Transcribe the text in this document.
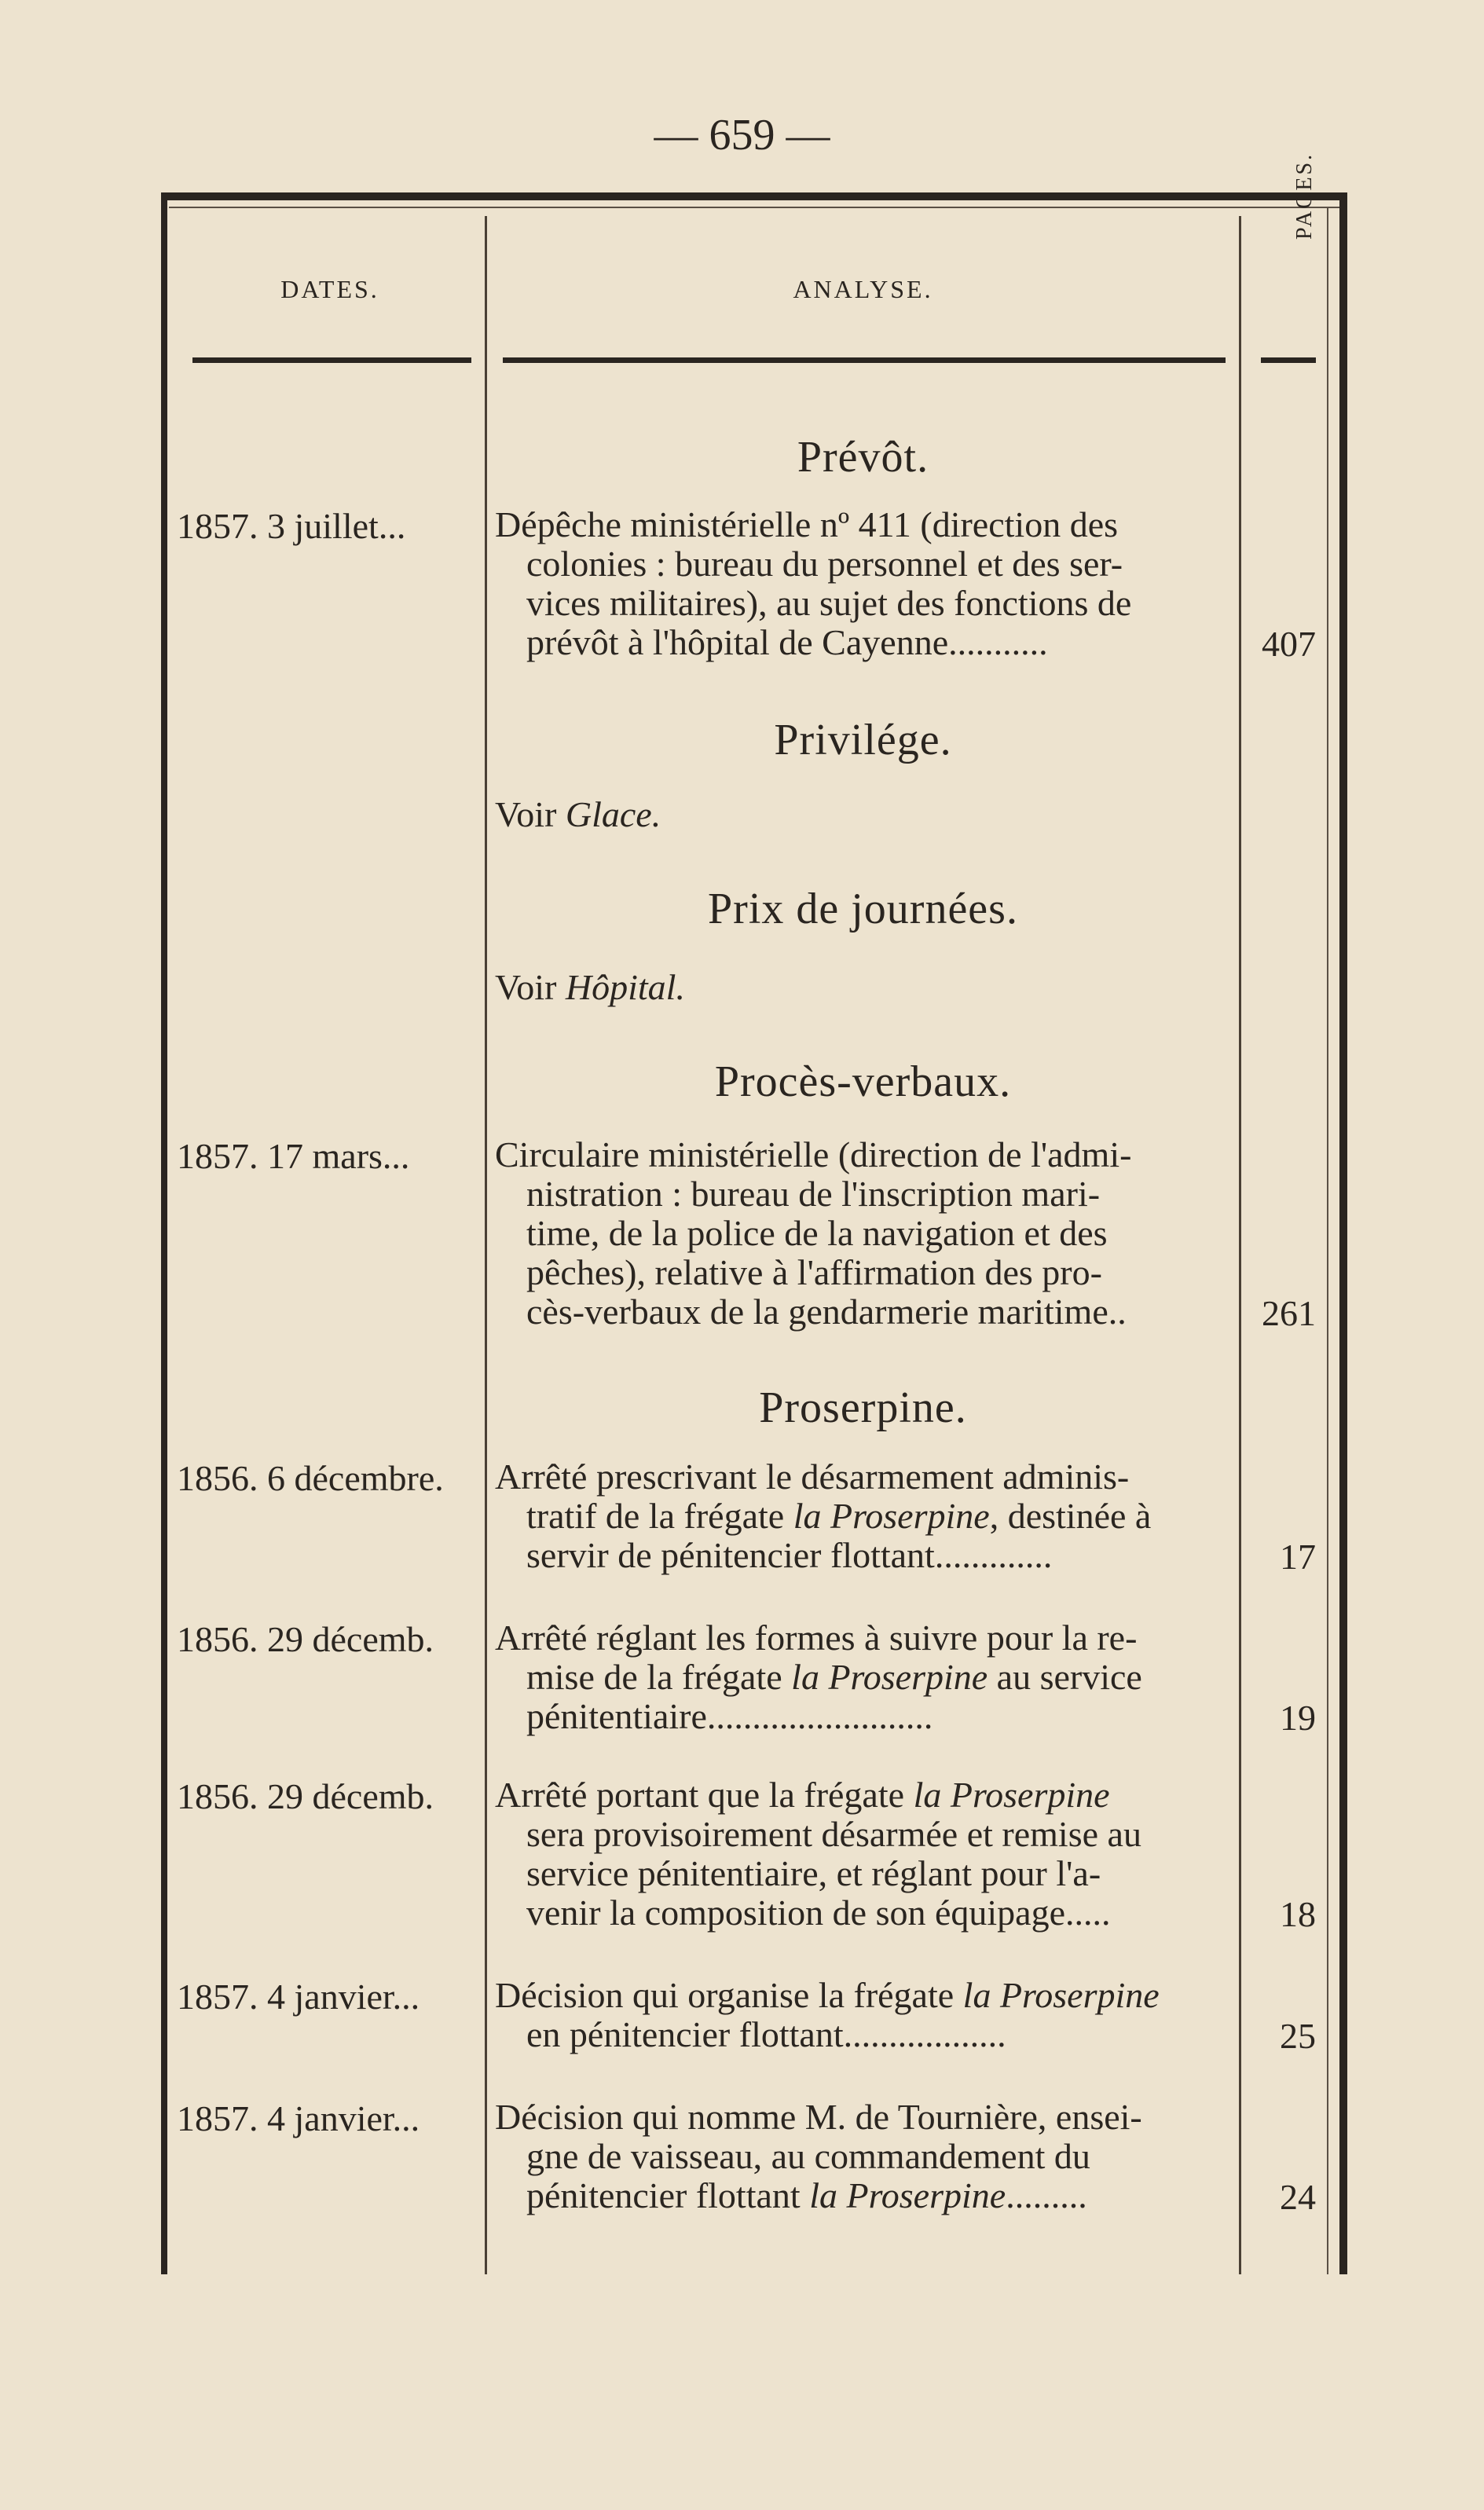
— 659 —
DATES.	ANALYSE.
PAGES.
Prévôt.
1857. 3 juillet...	Dépêche ministérielle nº 411 (direction des
colonies : bureau du personnel et des ser-
vices militaires), au sujet des fonctions de
prévôt à l'hôpital de Cayenne...........	407
Privilége.
Voir Glace.
Prix de journées.
Voir Hôpital.
Procès-verbaux.
1857. 17 mars...	Circulaire ministérielle (direction de l'admi-
nistration : bureau de l'inscription mari-
time, de la police de la navigation et des
pêches), relative à l'affirmation des pro-
cès-verbaux de la gendarmerie maritime..	261
Proserpine.
1856. 6 décembre.	Arrêté prescrivant le désarmement adminis-
tratif de la frégate la Proserpine, destinée à
servir de pénitencier flottant.............	17
1856. 29 décemb.	Arrêté réglant les formes à suivre pour la re-
mise de la frégate la Proserpine au service
pénitentiaire.........................	19
1856. 29 décemb.	Arrêté portant que la frégate la Proserpine
sera provisoirement désarmée et remise au
service pénitentiaire, et réglant pour l'a-
venir la composition de son équipage.....	18
1857. 4 janvier...	Décision qui organise la frégate la Proserpine
en pénitencier flottant..................	25
1857. 4 janvier...	Décision qui nomme M. de Tournière, ensei-
gne de vaisseau, au commandement du
pénitencier flottant la Proserpine.........	24
